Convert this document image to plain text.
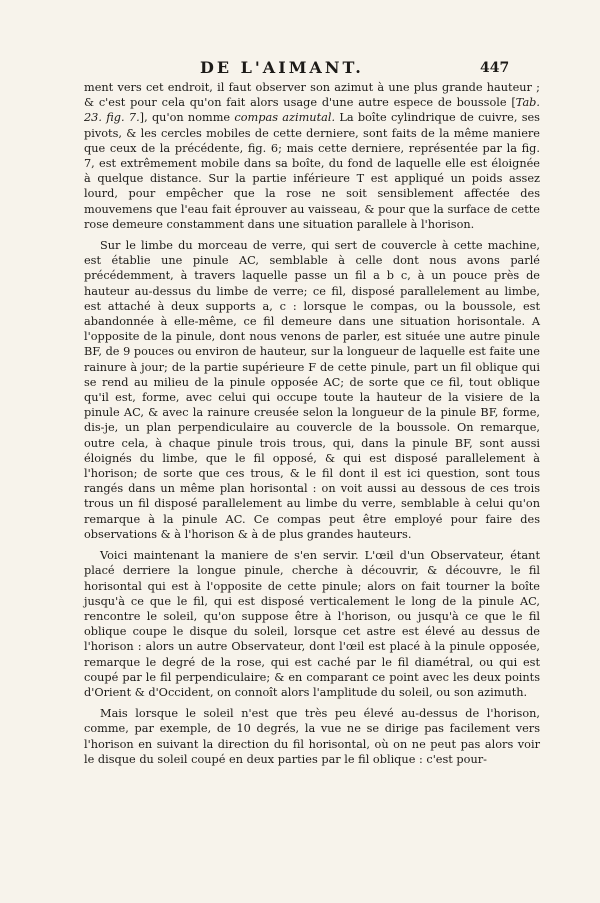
DE L'AIMANT.	447

ment vers cet endroit, il faut observer son azimut à une plus grande hauteur ; & c'est pour cela qu'on fait alors usage d'une autre espece de boussole [Tab. 23. fig. 7.], qu'on nomme compas azimutal. La boîte cylindrique de cuivre, ses pivots, & les cercles mobiles de cette derniere, sont faits de la même maniere que ceux de la précédente, fig. 6; mais cette derniere, représentée par la fig. 7, est extrêmement mobile dans sa boîte, du fond de laquelle elle est éloignée à quelque distance. Sur la partie inférieure T est appliqué un poids assez lourd, pour empêcher que la rose ne soit sensiblement affectée des mouvemens que l'eau fait éprouver au vaisseau, & pour que la surface de cette rose demeure constamment dans une situation parallele à l'horison.

Sur le limbe du morceau de verre, qui sert de couvercle à cette machine, est établie une pinule AC, semblable à celle dont nous avons parlé précédemment, à travers laquelle passe un fil a b c, à un pouce près de hauteur au-dessus du limbe de verre; ce fil, disposé parallelement au limbe, est attaché à deux supports a, c : lorsque le compas, ou la boussole, est abandonnée à elle-même, ce fil demeure dans une situation horisontale. A l'opposite de la pinule, dont nous venons de parler, est située une autre pinule BF, de 9 pouces ou environ de hauteur, sur la longueur de laquelle est faite une rainure à jour; de la partie supérieure F de cette pinule, part un fil oblique qui se rend au milieu de la pinule opposée AC; de sorte que ce fil, tout oblique qu'il est, forme, avec celui qui occupe toute la hauteur de la visiere de la pinule AC, & avec la rainure creusée selon la longueur de la pinule BF, forme, dis-je, un plan perpendiculaire au couvercle de la boussole. On remarque, outre cela, à chaque pinule trois trous, qui, dans la pinule BF, sont aussi éloignés du limbe, que le fil opposé, & qui est disposé parallelement à l'horison; de sorte que ces trous, & le fil dont il est ici question, sont tous rangés dans un même plan horisontal : on voit aussi au dessous de ces trois trous un fil disposé parallelement au limbe du verre, semblable à celui qu'on remarque à la pinule AC. Ce compas peut être employé pour faire des observations & à l'horison & à de plus grandes hauteurs.

Voici maintenant la maniere de s'en servir. L'œil d'un Observateur, étant placé derriere la longue pinule, cherche à découvrir, & découvre, le fil horisontal qui est à l'opposite de cette pinule; alors on fait tourner la boîte jusqu'à ce que le fil, qui est disposé verticalement le long de la pinule AC, rencontre le soleil, qu'on suppose être à l'horison, ou jusqu'à ce que le fil oblique coupe le disque du soleil, lorsque cet astre est élevé au dessus de l'horison : alors un autre Observateur, dont l'œil est placé à la pinule opposée, remarque le degré de la rose, qui est caché par le fil diamétral, ou qui est coupé par le fil perpendiculaire; & en comparant ce point avec les deux points d'Orient & d'Occident, on connoît alors l'amplitude du soleil, ou son azimuth.

Mais lorsque le soleil n'est que très peu élevé au-dessus de l'horison, comme, par exemple, de 10 degrés, la vue ne se dirige pas facilement vers l'horison en suivant la direction du fil horisontal, où on ne peut pas alors voir le disque du soleil coupé en deux parties par le fil oblique : c'est pour-
